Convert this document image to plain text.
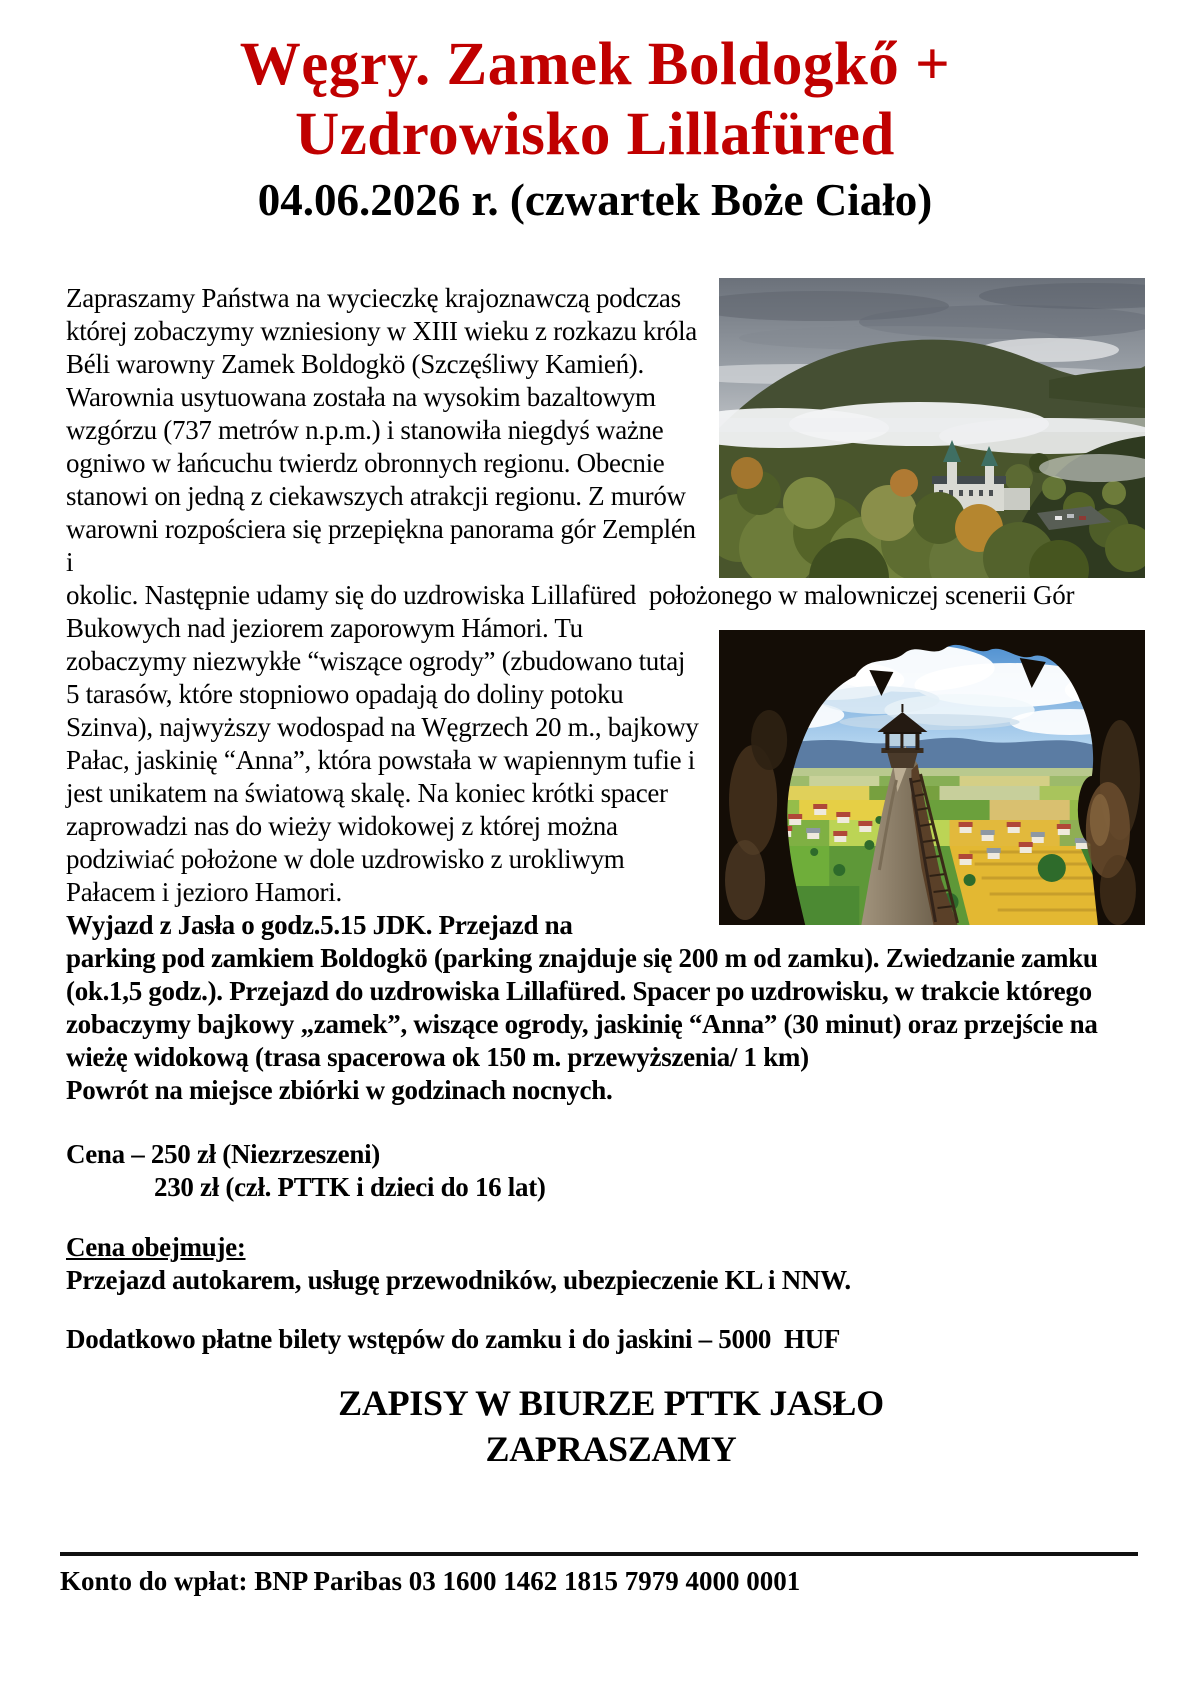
Węgry. Zamek Boldogkő +
Uzdrowisko Lillafüred
04.06.2026 r. (czwartek Boże Ciało)
Zapraszamy Państwa na wycieczkę krajoznawczą podczas której zobaczymy wzniesiony w XIII wieku z rozkazu króla Béli warowny Zamek Boldogkö (Szczęśliwy Kamień). Warownia usytuowana została na wysokim bazaltowym wzgórzu (737 metrów n.p.m.) i stanowiła niegdyś ważne ogniwo w łańcuchu twierdz obronnych regionu. Obecnie stanowi on jedną z ciekawszych atrakcji regionu. Z murów warowni rozpościera się przepiękna panorama gór Zemplén i
okolic. Następnie udamy się do uzdrowiska Lillafüred  położonego w malowniczej scenerii Gór
Bukowych nad jeziorem zaporowym Hámori. Tu zobaczymy niezwykłe “wiszące ogrody” (zbudowano tutaj 5 tarasów, które stopniowo opadają do doliny potoku Szinva), najwyższy wodospad na Węgrzech 20 m., bajkowy Pałac, jaskinię “Anna”, która powstała w wapiennym tufie i jest unikatem na światową skalę. Na koniec krótki spacer zaprowadzi nas do wieży widokowej z której można podziwiać położone w dole uzdrowisko z urokliwym Pałacem i jezioro Hamori.
Wyjazd z Jasła o godz.5.15 JDK. Przejazd na
parking pod zamkiem Boldogkö (parking znajduje się 200 m od zamku). Zwiedzanie zamku (ok.1,5 godz.). Przejazd do uzdrowiska Lillafüred. Spacer po uzdrowisku, w trakcie którego zobaczymy bajkowy „zamek”, wiszące ogrody, jaskinię “Anna” (30 minut) oraz przejście na wieżę widokową (trasa spacerowa ok 150 m. przewyższenia/ 1 km)
Powrót na miejsce zbiórki w godzinach nocnych.
Cena – 250 zł (Niezrzeszeni)
230 zł (czł. PTTK i dzieci do 16 lat)
Cena obejmuje:
Przejazd autokarem, usługę przewodników, ubezpieczenie KL i NNW.
Dodatkowo płatne bilety wstępów do zamku i do jaskini – 5000  HUF
ZAPISY W BIURZE PTTK JASŁO
ZAPRASZAMY
Konto do wpłat: BNP Paribas 03 1600 1462 1815 7979 4000 0001
